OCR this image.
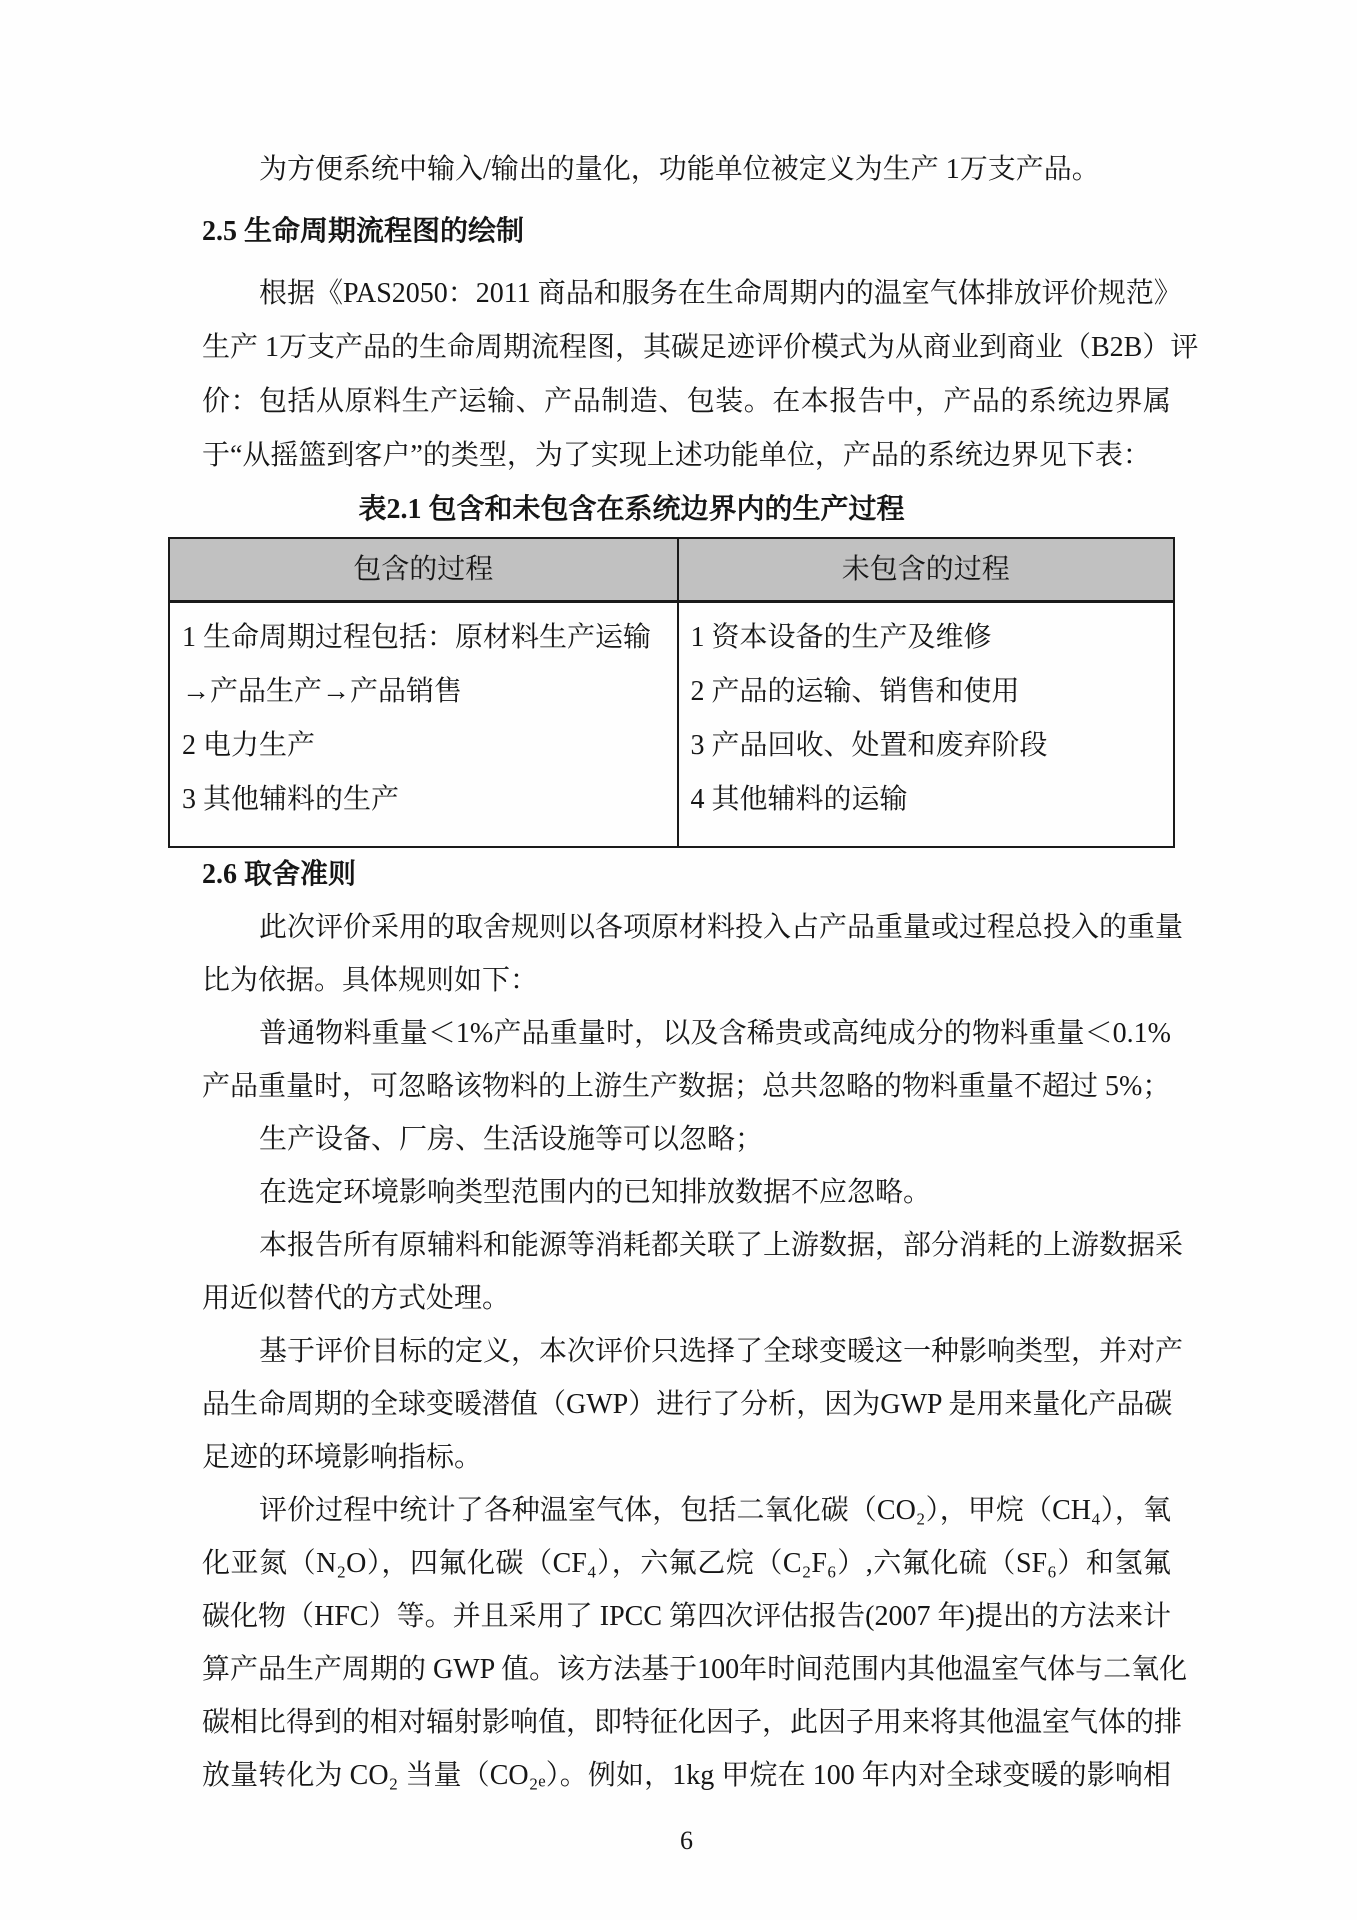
为方便系统中输入/输出的量化，功能单位被定义为生产 1万支产品。
2.5 生命周期流程图的绘制
根据《PAS2050：2011 商品和服务在生命周期内的温室气体排放评价规范》
生产 1万支产品的生命周期流程图，其碳足迹评价模式为从商业到商业（B2B）评
价：包括从原料生产运输、产品制造、包装。在本报告中，产品的系统边界属
于“从摇篮到客户”的类型，为了实现上述功能单位，产品的系统边界见下表：
表2.1 包含和未包含在系统边界内的生产过程
包含的过程	未包含的过程
1 生命周期过程包括：原材料生产运输
→产品生产→产品销售
2 电力生产
3 其他辅料的生产
1 资本设备的生产及维修
2 产品的运输、销售和使用
3 产品回收、处置和废弃阶段
4 其他辅料的运输
2.6 取舍准则
此次评价采用的取舍规则以各项原材料投入占产品重量或过程总投入的重量
比为依据。具体规则如下：
普通物料重量＜1%产品重量时，以及含稀贵或高纯成分的物料重量＜0.1%
产品重量时，可忽略该物料的上游生产数据；总共忽略的物料重量不超过 5%；
生产设备、厂房、生活设施等可以忽略；
在选定环境影响类型范围内的已知排放数据不应忽略。
本报告所有原辅料和能源等消耗都关联了上游数据，部分消耗的上游数据采
用近似替代的方式处理。
基于评价目标的定义，本次评价只选择了全球变暖这一种影响类型，并对产
品生命周期的全球变暖潜值（GWP）进行了分析，因为GWP 是用来量化产品碳
足迹的环境影响指标。
评价过程中统计了各种温室气体，包括二氧化碳（CO₂），甲烷（CH₄），氧
化亚氮（N₂O），四氟化碳（CF₄），六氟乙烷（C₂F₆）,六氟化硫（SF₆）和氢氟
碳化物（HFC）等。并且采用了 IPCC 第四次评估报告(2007 年)提出的方法来计
算产品生产周期的 GWP 值。该方法基于100年时间范围内其他温室气体与二氧化
碳相比得到的相对辐射影响值，即特征化因子，此因子用来将其他温室气体的排
放量转化为 CO₂ 当量（CO₂ₑ）。例如，1kg 甲烷在 100 年内对全球变暖的影响相
6
